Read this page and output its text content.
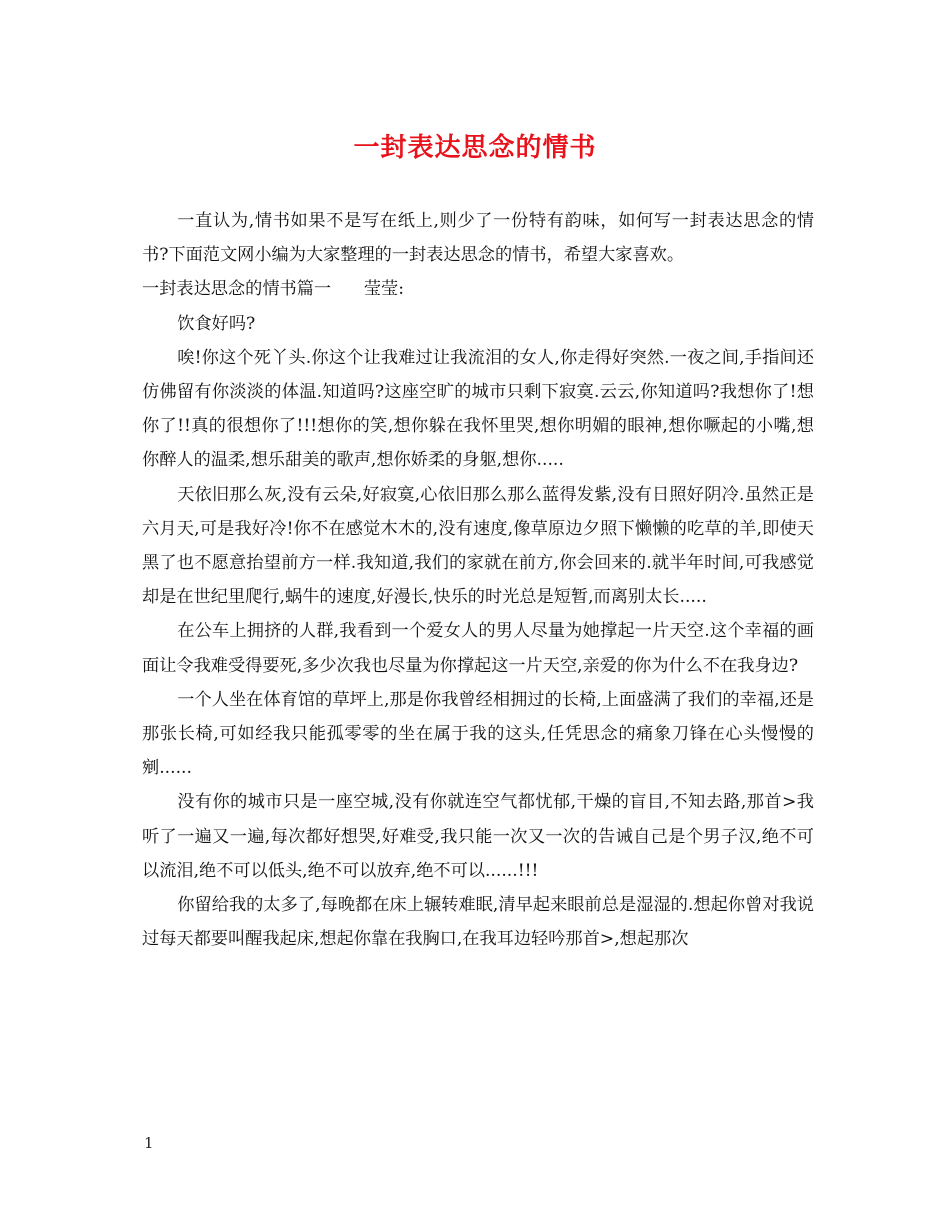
一封表达思念的情书

一直认为,情书如果不是写在纸上,则少了一份特有韵味，如何写一封表达思念的情书?下面范文网小编为大家整理的一封表达思念的情书，希望大家喜欢。

一封表达思念的情书篇一      莹莹:

饮食好吗?

唉!你这个死丫头.你这个让我难过让我流泪的女人,你走得好突然.一夜之间,手指间还仿佛留有你淡淡的体温.知道吗?这座空旷的城市只剩下寂寞.云云,你知道吗?我想你了!想你了!!真的很想你了!!!想你的笑,想你躲在我怀里哭,想你明媚的眼神,想你噘起的小嘴,想你醉人的温柔,想乐甜美的歌声,想你娇柔的身躯,想你.....

天依旧那么灰,没有云朵,好寂寞,心依旧那么那么蓝得发紫,没有日照好阴冷.虽然正是六月天,可是我好冷!你不在感觉木木的,没有速度,像草原边夕照下懒懒的吃草的羊,即使天黑了也不愿意抬望前方一样.我知道,我们的家就在前方,你会回来的.就半年时间,可我感觉却是在世纪里爬行,蜗牛的速度,好漫长,快乐的时光总是短暂,而离别太长.....

在公车上拥挤的人群,我看到一个爱女人的男人尽量为她撑起一片天空.这个幸福的画面让令我难受得要死,多少次我也尽量为你撑起这一片天空,亲爱的你为什么不在我身边?

一个人坐在体育馆的草坪上,那是你我曾经相拥过的长椅,上面盛满了我们的幸福,还是那张长椅,可如经我只能孤零零的坐在属于我的这头,任凭思念的痛象刀锋在心头慢慢的剜......

没有你的城市只是一座空城,没有你就连空气都忧郁,干燥的盲目,不知去路,那首>我听了一遍又一遍,每次都好想哭,好难受,我只能一次又一次的告诫自己是个男子汉,绝不可以流泪,绝不可以低头,绝不可以放弃,绝不可以......!!!

你留给我的太多了,每晚都在床上辗转难眠,清早起来眼前总是湿湿的.想起你曾对我说过每天都要叫醒我起床,想起你靠在我胸口,在我耳边轻吟那首>,想起那次

1
